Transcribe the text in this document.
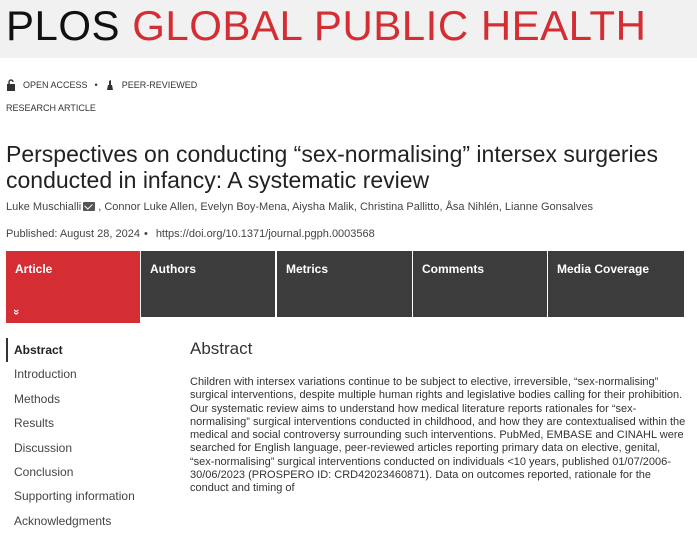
PLOS GLOBAL PUBLIC HEALTH
OPEN ACCESS •	PEER-REVIEWED
RESEARCH ARTICLE
Perspectives on conducting “sex-normalising” intersex surgeries conducted in infancy: A systematic review
Luke Muschialli , Connor Luke Allen, Evelyn Boy-Mena, Aiysha Malik, Christina Pallitto, Åsa Nihlén, Lianne Gonsalves
Published: August 28, 2024 • https://doi.org/10.1371/journal.pgph.0003568
Article
»
Authors	Metrics	Comments	Media Coverage
Abstract
Introduction
Methods
Results
Discussion
Conclusion
Supporting information
Acknowledgments
Abstract
Children with intersex variations continue to be subject to elective, irreversible, “sex-normalising” surgical interventions, despite multiple human rights and legislative bodies calling for their prohibition. Our systematic review aims to understand how medical literature reports rationales for “sex-normalising” surgical interventions conducted in childhood, and how they are contextualised within the medical and social controversy surrounding such interventions. PubMed, EMBASE and CINAHL were searched for English language, peer-reviewed articles reporting primary data on elective, genital, “sex-normalising” surgical interventions conducted on individuals <10 years, published 01/07/2006-30/06/2023 (PROSPERO ID: CRD42023460871). Data on outcomes reported, rationale for the conduct and timing of
